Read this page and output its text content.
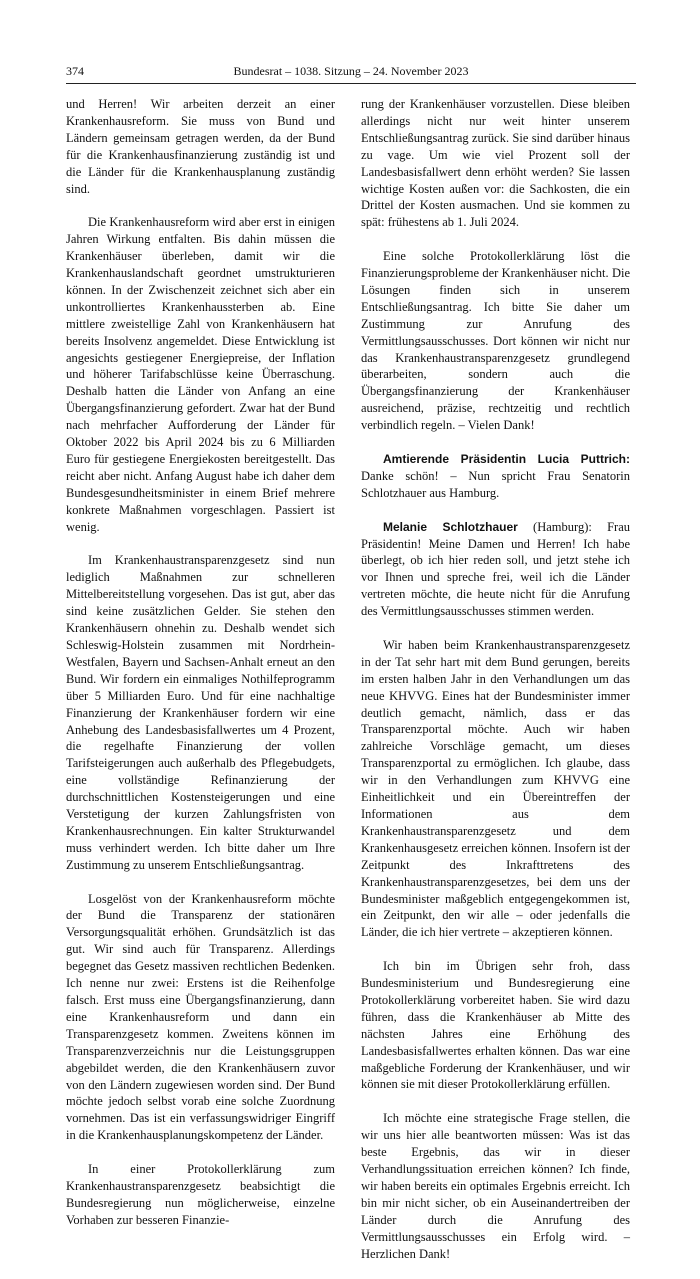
374	Bundesrat – 1038. Sitzung – 24. November 2023

und Herren! Wir arbeiten derzeit an einer Krankenhausreform. Sie muss von Bund und Ländern gemeinsam getragen werden, da der Bund für die Krankenhausfinanzierung zuständig ist und die Länder für die Krankenhausplanung zuständig sind.

Die Krankenhausreform wird aber erst in einigen Jahren Wirkung entfalten. Bis dahin müssen die Krankenhäuser überleben, damit wir die Krankenhauslandschaft geordnet umstrukturieren können. In der Zwischenzeit zeichnet sich aber ein unkontrolliertes Krankenhaussterben ab. Eine mittlere zweistellige Zahl von Krankenhäusern hat bereits Insolvenz angemeldet. Diese Entwicklung ist angesichts gestiegener Energiepreise, der Inflation und höherer Tarifabschlüsse keine Überraschung. Deshalb hatten die Länder von Anfang an eine Übergangsfinanzierung gefordert. Zwar hat der Bund nach mehrfacher Aufforderung der Länder für Oktober 2022 bis April 2024 bis zu 6 Milliarden Euro für gestiegene Energiekosten bereitgestellt. Das reicht aber nicht. Anfang August habe ich daher dem Bundesgesundheitsminister in einem Brief mehrere konkrete Maßnahmen vorgeschlagen. Passiert ist wenig.

Im Krankenhaustransparenzgesetz sind nun lediglich Maßnahmen zur schnelleren Mittelbereitstellung vorgesehen. Das ist gut, aber das sind keine zusätzlichen Gelder. Sie stehen den Krankenhäusern ohnehin zu. Deshalb wendet sich Schleswig-Holstein zusammen mit Nordrhein-Westfalen, Bayern und Sachsen-Anhalt erneut an den Bund. Wir fordern ein einmaliges Nothilfeprogramm über 5 Milliarden Euro. Und für eine nachhaltige Finanzierung der Krankenhäuser fordern wir eine Anhebung des Landesbasisfallwertes um 4 Prozent, die regelhafte Finanzierung der vollen Tarifsteigerungen auch außerhalb des Pflegebudgets, eine vollständige Refinanzierung der durchschnittlichen Kostensteigerungen und eine Verstetigung der kurzen Zahlungsfristen von Krankenhausrechnungen. Ein kalter Strukturwandel muss verhindert werden. Ich bitte daher um Ihre Zustimmung zu unserem Entschließungsantrag.

Losgelöst von der Krankenhausreform möchte der Bund die Transparenz der stationären Versorgungsqualität erhöhen. Grundsätzlich ist das gut. Wir sind auch für Transparenz. Allerdings begegnet das Gesetz massiven rechtlichen Bedenken. Ich nenne nur zwei: Erstens ist die Reihenfolge falsch. Erst muss eine Übergangsfinanzierung, dann eine Krankenhausreform und dann ein Transparenzgesetz kommen. Zweitens können im Transparenzverzeichnis nur die Leistungsgruppen abgebildet werden, die den Krankenhäusern zuvor von den Ländern zugewiesen worden sind. Der Bund möchte jedoch selbst vorab eine solche Zuordnung vornehmen. Das ist ein verfassungswidriger Eingriff in die Krankenhausplanungskompetenz der Länder.

In einer Protokollerklärung zum Krankenhaustransparenzgesetz beabsichtigt die Bundesregierung nun möglicherweise, einzelne Vorhaben zur besseren Finanzie-

rung der Krankenhäuser vorzustellen. Diese bleiben allerdings nicht nur weit hinter unserem Entschließungsantrag zurück. Sie sind darüber hinaus zu vage. Um wie viel Prozent soll der Landesbasisfallwert denn erhöht werden? Sie lassen wichtige Kosten außen vor: die Sachkosten, die ein Drittel der Kosten ausmachen. Und sie kommen zu spät: frühestens ab 1. Juli 2024.

Eine solche Protokollerklärung löst die Finanzierungsprobleme der Krankenhäuser nicht. Die Lösungen finden sich in unserem Entschließungsantrag. Ich bitte Sie daher um Zustimmung zur Anrufung des Vermittlungsausschusses. Dort können wir nicht nur das Krankenhaustransparenzgesetz grundlegend überarbeiten, sondern auch die Übergangsfinanzierung der Krankenhäuser ausreichend, präzise, rechtzeitig und rechtlich verbindlich regeln. – Vielen Dank!

Amtierende Präsidentin Lucia Puttrich: Danke schön! – Nun spricht Frau Senatorin Schlotzhauer aus Hamburg.

Melanie Schlotzhauer (Hamburg): Frau Präsidentin! Meine Damen und Herren! Ich habe überlegt, ob ich hier reden soll, und jetzt stehe ich vor Ihnen und spreche frei, weil ich die Länder vertreten möchte, die heute nicht für die Anrufung des Vermittlungsausschusses stimmen werden.

Wir haben beim Krankenhaustransparenzgesetz in der Tat sehr hart mit dem Bund gerungen, bereits im ersten halben Jahr in den Verhandlungen um das neue KHVVG. Eines hat der Bundesminister immer deutlich gemacht, nämlich, dass er das Transparenzportal möchte. Auch wir haben zahlreiche Vorschläge gemacht, um dieses Transparenzportal zu ermöglichen. Ich glaube, dass wir in den Verhandlungen zum KHVVG eine Einheitlichkeit und ein Übereintreffen der Informationen aus dem Krankenhaustransparenzgesetz und dem Krankenhausgesetz erreichen können. Insofern ist der Zeitpunkt des Inkrafttretens des Krankenhaustransparenzgesetzes, bei dem uns der Bundesminister maßgeblich entgegengekommen ist, ein Zeitpunkt, den wir alle – oder jedenfalls die Länder, die ich hier vertrete – akzeptieren können.

Ich bin im Übrigen sehr froh, dass Bundesministerium und Bundesregierung eine Protokollerklärung vorbereitet haben. Sie wird dazu führen, dass die Krankenhäuser ab Mitte des nächsten Jahres eine Erhöhung des Landesbasisfallwertes erhalten können. Das war eine maßgebliche Forderung der Krankenhäuser, und wir können sie mit dieser Protokollerklärung erfüllen.

Ich möchte eine strategische Frage stellen, die wir uns hier alle beantworten müssen: Was ist das beste Ergebnis, das wir in dieser Verhandlungssituation erreichen können? Ich finde, wir haben bereits ein optimales Ergebnis erreicht. Ich bin mir nicht sicher, ob ein Auseinandertreiben der Länder durch die Anrufung des Vermittlungsausschusses ein Erfolg wird. – Herzlichen Dank!
